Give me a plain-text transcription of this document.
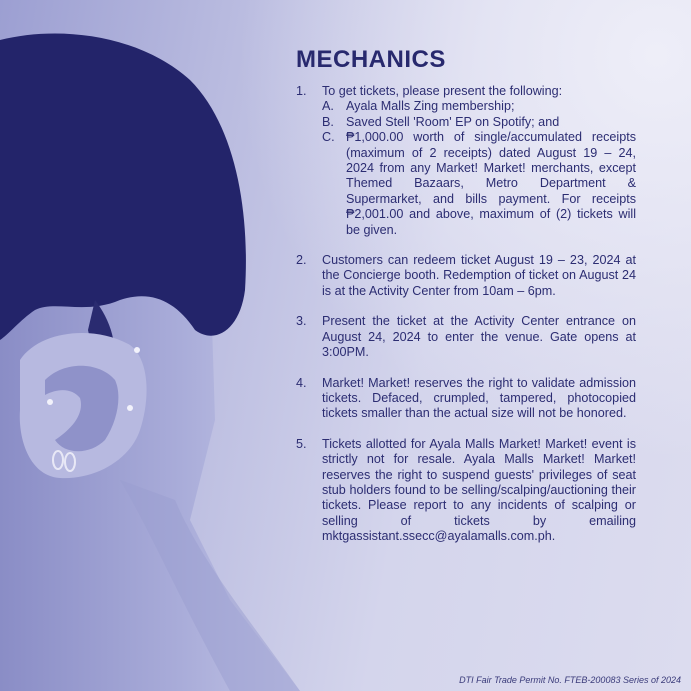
MECHANICS
1.	To get tickets, please present the following:
A. Ayala Malls Zing membership;
B. Saved Stell 'Room' EP on Spotify; and
C. ₱1,000.00 worth of single/accumulated receipts (maximum of 2 receipts) dated August 19 – 24, 2024 from any Market! Market! merchants, except Themed Bazaars, Metro Department & Supermarket, and bills payment. For receipts ₱2,001.00 and above, maximum of (2) tickets will be given.
2.	Customers can redeem ticket August 19 – 23, 2024 at the Concierge booth. Redemption of ticket on August 24 is at the Activity Center from 10am – 6pm.
3.	Present the ticket at the Activity Center entrance on August 24, 2024 to enter the venue. Gate opens at 3:00PM.
4.	Market! Market! reserves the right to validate admission tickets. Defaced, crumpled, tampered, photocopied tickets smaller than the actual size will not be honored.
5.	Tickets allotted for Ayala Malls Market! Market! event is strictly not for resale. Ayala Malls Market! Market! reserves the right to suspend guests' privileges of seat stub holders found to be selling/scalping/auctioning their tickets. Please report to any incidents of scalping or selling of tickets by emailing mktgassistant.ssecc@ayalamalls.com.ph.
DTI Fair Trade Permit No. FTEB-200083 Series of 2024
